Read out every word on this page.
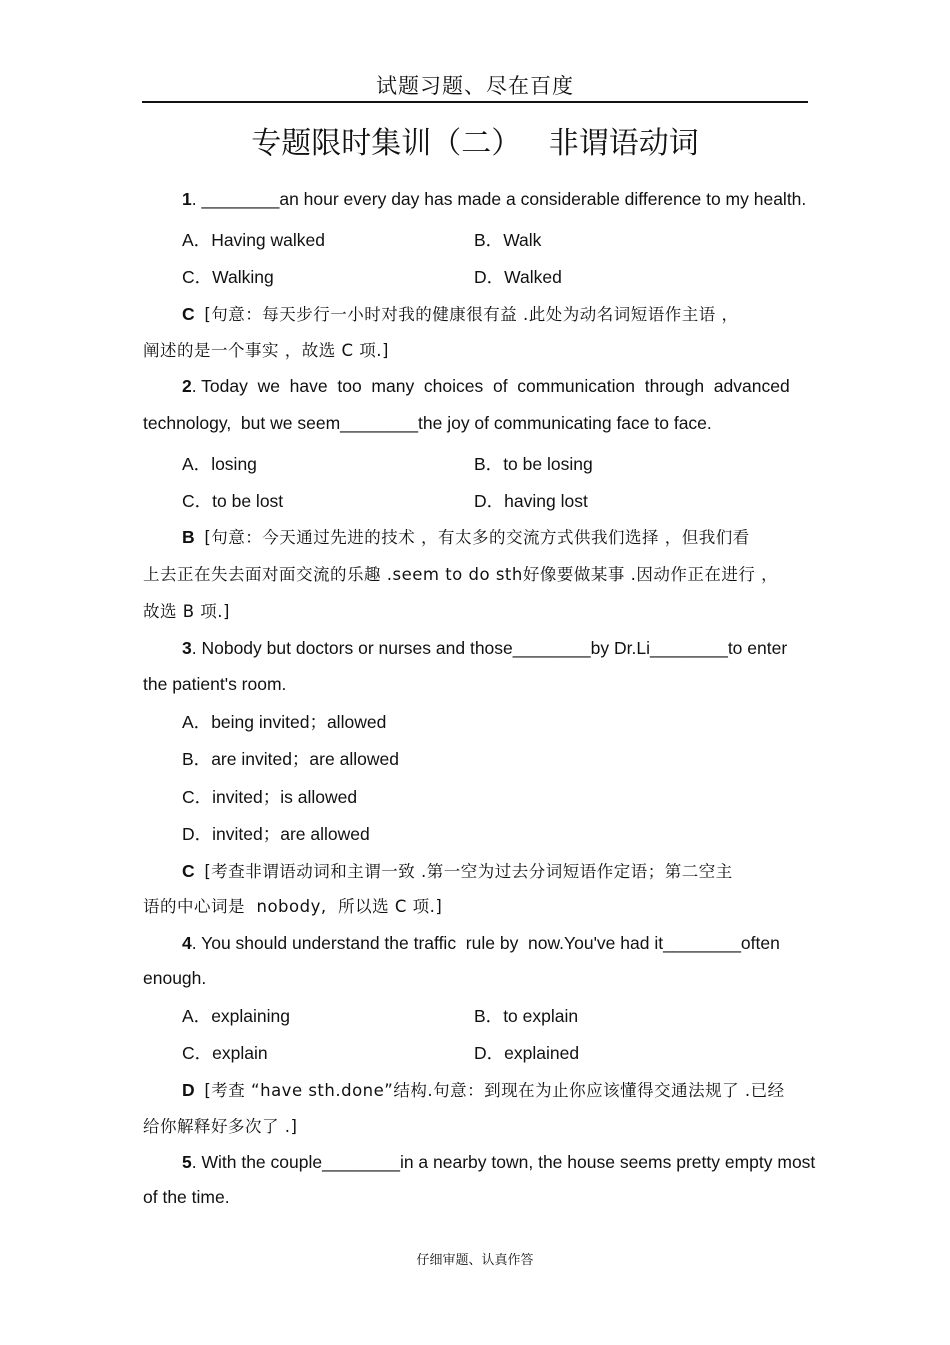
试题习题、尽在百度
专题限时集训（二） 非谓语动词
1. ________an hour every day has made a considerable difference to my health.
A．Having walked	B．Walk
C．Walking	D．Walked
C [句意：每天步行一小时对我的健康很有益 .此处为动名词短语作主语 ，
阐述的是一个事实 ，故选 C 项.]
2. Today  we  have  too  many  choices  of  communication  through  advanced
technology,  but we seem________the joy of communicating face to face.
A．losing	B．to be losing
C．to be lost	D．having lost
B [句意：今天通过先进的技术 ，有太多的交流方式供我们选择 ，但我们看
上去正在失去面对面交流的乐趣 .seem to do sth好像要做某事 .因动作正在进行 ，
故选 B 项.]
3. Nobody but doctors or nurses and those________by Dr.Li________to enter
the patient's room.
A．being invited；allowed
B．are invited；are allowed
C．invited；is allowed
D．invited；are allowed
C [考查非谓语动词和主谓一致 .第一空为过去分词短语作定语；第二空主
语的中心词是  nobody,  所以选 C 项.]
4. You should understand the traffic  rule by  now.You've had it________often
enough.
A．explaining	B．to explain
C．explain	D．explained
D [考查 “have sth.done”结构.句意：到现在为止你应该懂得交通法规了 .已经
给你解释好多次了 .]
5. With the couple________in a nearby town, the house seems pretty empty most
of the time.
仔细审题、认真作答
